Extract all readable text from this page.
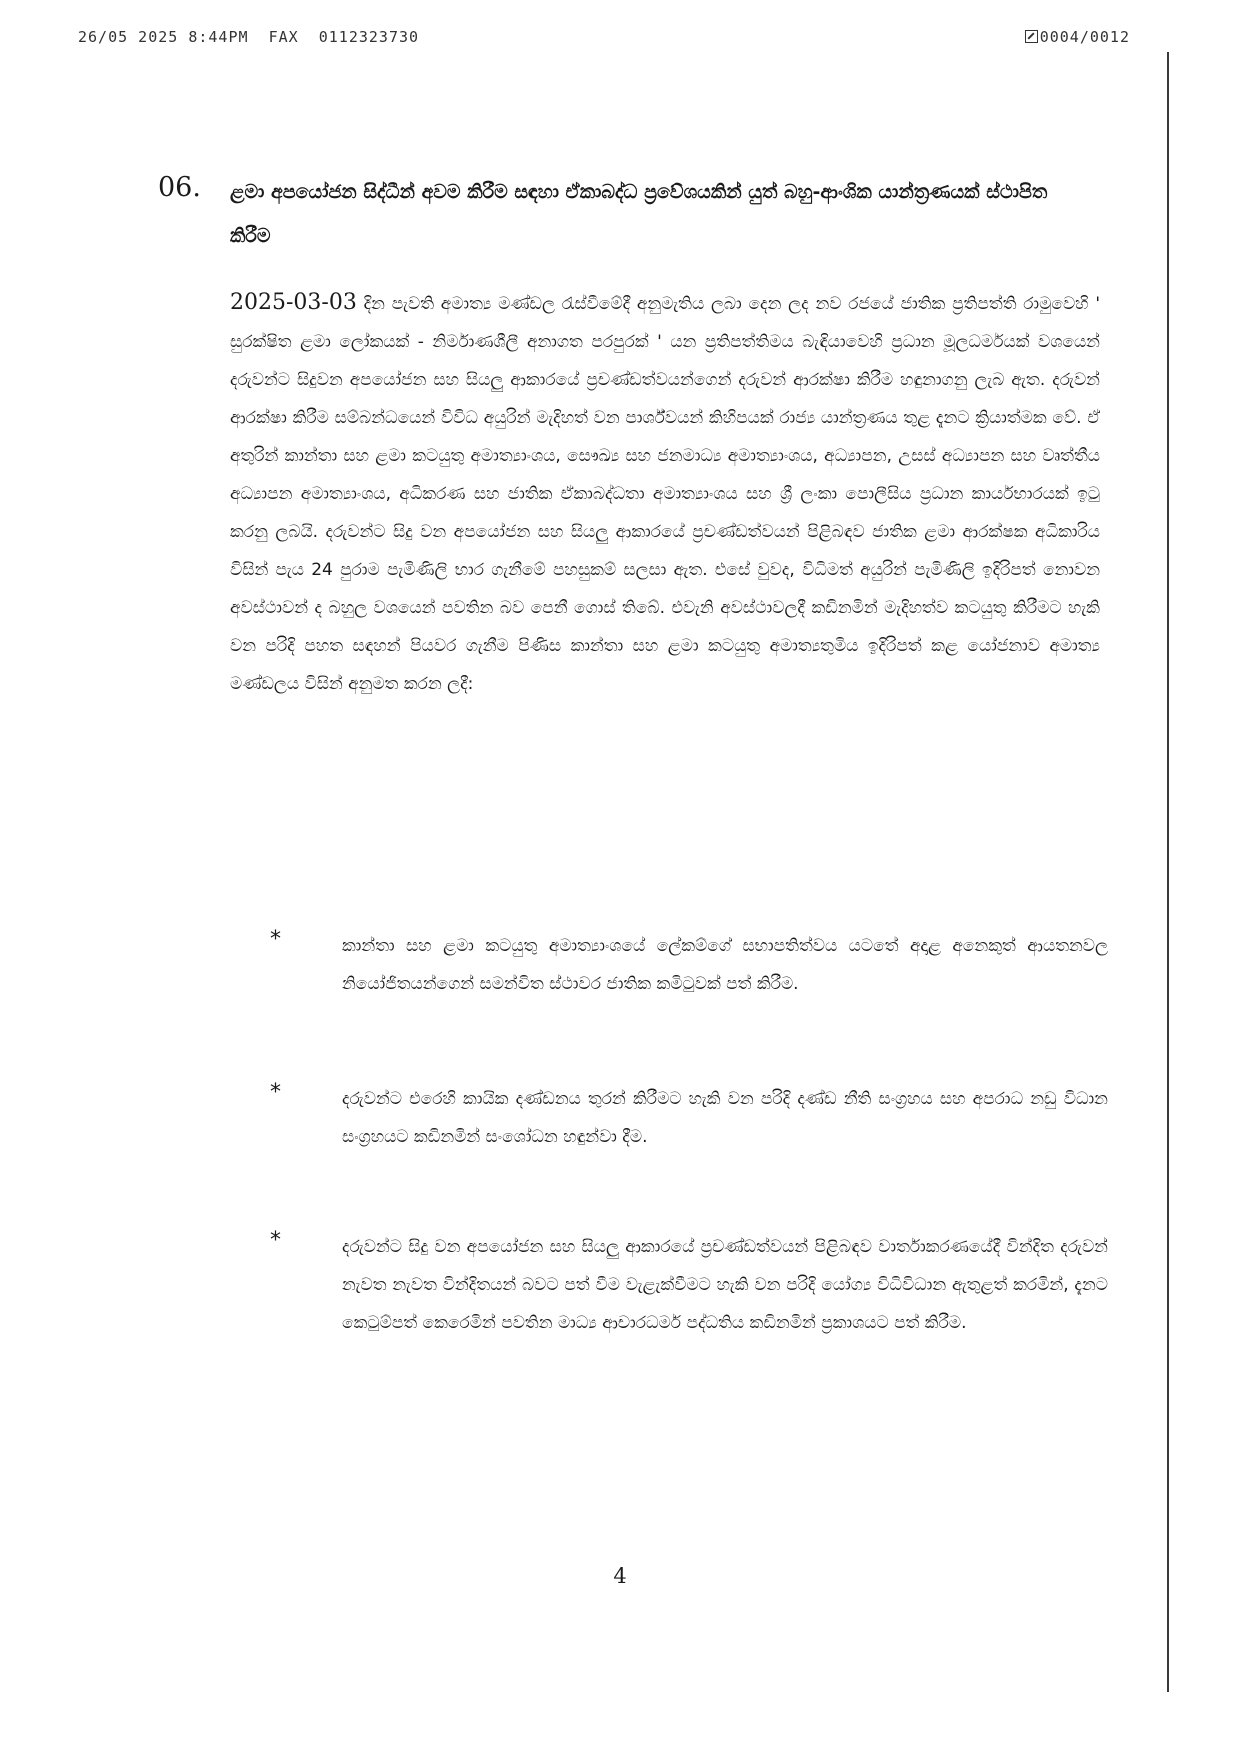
26/05 2025 8:44PM  FAX  0112323730	0004/0012
06. ළමා අපයෝජන සිද්ධීන් අවම කිරීම සඳහා ඒකාබද්ධ ප්‍රවේශයකින් යුත් බහු-ආංශික යාන්ත්‍රණයක් ස්ථාපිත කිරීම
2025-03-03 දින පැවති අමාත්‍ය මණ්ඩල රැස්වීමේදී අනුමැතිය ලබා දෙන ලද නව රජයේ ජාතික ප්‍රතිපත්ති රාමුවෙහි ' සුරක්ෂිත ළමා ලෝකයක් - නිර්මාණශීලී අනාගත පරපුරක් ' යන ප්‍රතිපත්තිමය බැඳියාවෙහි ප්‍රධාන මූලධර්මයක් වශයෙන් දරුවන්ට සිදුවන අපයෝජන සහ සියලු ආකාරයේ ප්‍රචණ්ඩත්වයන්ගෙන් දරුවන් ආරක්ෂා කිරීම හඳුනාගනු ලැබ ඇත. දරුවන් ආරක්ෂා කිරීම සම්බන්ධයෙන් විවිධ අයුරින් මැදිහත් වන පාර්ශ්වයන් කිහිපයක් රාජ්‍ය යාන්ත්‍රණය තුළ දැනට ක්‍රියාත්මක වේ. ඒ අතුරින් කාන්තා සහ ළමා කටයුතු අමාත්‍යාංශය, සෞඛ්‍ය සහ ජනමාධ්‍ය අමාත්‍යාංශය, අධ්‍යාපන, උසස් අධ්‍යාපන සහ වෘත්තීය අධ්‍යාපන අමාත්‍යාංශය, අධිකරණ සහ ජාතික ඒකාබද්ධතා අමාත්‍යාංශය සහ ශ්‍රී ලංකා පොලීසිය ප්‍රධාන කාර්යභාරයක් ඉටු කරනු ලබයි. දරුවන්ට සිදු වන අපයෝජන සහ සියලු ආකාරයේ ප්‍රචණ්ඩත්වයන් පිළිබඳව ජාතික ළමා ආරක්ෂක අධිකාරිය විසින් පැය 24 පුරාම පැමිණිලි භාර ගැනීමේ පහසුකම් සලසා ඇත. එසේ වුවද, විධිමත් අයුරින් පැමිණිලි ඉදිරිපත් නොවන අවස්ථාවන් ද බහුල වශයෙන් පවතින බව පෙනී ගොස් තිබේ. එවැනි අවස්ථාවලදී කඩිනමින් මැදිහත්ව කටයුතු කිරීමට හැකි වන පරිදි පහත සඳහන් පියවර ගැනීම පිණිස කාන්තා සහ ළමා කටයුතු අමාත්‍යතුමිය ඉදිරිපත් කළ යෝජනාව අමාත්‍ය මණ්ඩලය විසින් අනුමත කරන ලදී:
*	කාන්තා සහ ළමා කටයුතු අමාත්‍යාංශයේ ලේකම්ගේ සභාපතිත්වය යටතේ අදාළ අනෙකුත් ආයතනවල නියෝජිතයන්ගෙන් සමන්විත ස්ථාවර ජාතික කමිටුවක් පත් කිරීම.
*	දරුවන්ට එරෙහි කායික දණ්ඩනය තුරන් කිරීමට හැකි වන පරිදි දණ්ඩ නීති සංග්‍රහය සහ අපරාධ නඩු විධාන සංග්‍රහයට කඩිනමින් සංශෝධන හඳුන්වා දීම.
*	දරුවන්ට සිදු වන අපයෝජන සහ සියලු ආකාරයේ ප්‍රචණ්ඩත්වයන් පිළිබඳව වාර්තාකරණයේදී වින්දිත දරුවන් නැවත නැවත වින්දිතයන් බවට පත් වීම වැළැක්වීමට හැකි වන පරිදි යෝග්‍ය විධිවිධාන ඇතුළත් කරමින්, දැනට කෙටුම්පත් කෙරෙමින් පවතින මාධ්‍ය ආචාරධර්ම පද්ධතිය කඩිනමින් ප්‍රකාශයට පත් කිරීම.
4
